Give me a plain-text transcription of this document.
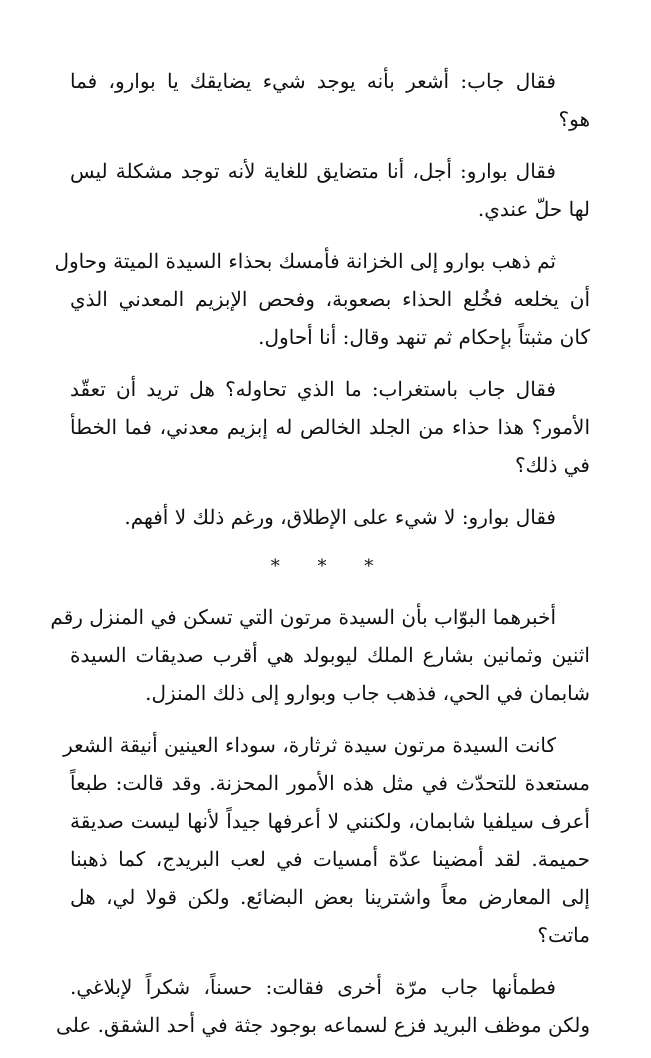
فقال جاب: أشعر بأنه يوجد شيء يضايقك يا بوارو، فما
هو؟

فقال بوارو: أجل، أنا متضايق للغاية لأنه توجد مشكلة ليس
لها حلّ عندي.

ثم ذهب بوارو إلى الخزانة فأمسك بحذاء السيدة الميتة وحاول
أن يخلعه فخُلع الحذاء بصعوبة، وفحص الإبزيم المعدني الذي
كان مثبتاً بإحكام ثم تنهد وقال: أنا أحاول.

فقال جاب باستغراب: ما الذي تحاوله؟ هل تريد أن تعقّد
الأمور؟ هذا حذاء من الجلد الخالص له إبزيم معدني، فما الخطأ
في ذلك؟

فقال بوارو: لا شيء على الإطلاق، ورغم ذلك لا أفهم.

* * *

أخبرهما البوّاب بأن السيدة مرتون التي تسكن في المنزل رقم
اثنين وثمانين بشارع الملك ليوبولد هي أقرب صديقات السيدة
شابمان في الحي، فذهب جاب وبوارو إلى ذلك المنزل.

كانت السيدة مرتون سيدة ثرثارة، سوداء العينين أنيقة الشعر
مستعدة للتحدّث في مثل هذه الأمور المحزنة. وقد قالت: طبعاً
أعرف سيلفيا شابمان، ولكنني لا أعرفها جيداً لأنها ليست صديقة
حميمة. لقد أمضينا عدّة أمسيات في لعب البريدج، كما ذهبنا
إلى المعارض معاً واشترينا بعض البضائع. ولكن قولا لي، هل
ماتت؟

فطمأنها جاب مرّة أخرى فقالت: حسناً، شكراً لإبلاغي.
ولكن موظف البريد فزع لسماعه بوجود جثة في أحد الشقق. على
